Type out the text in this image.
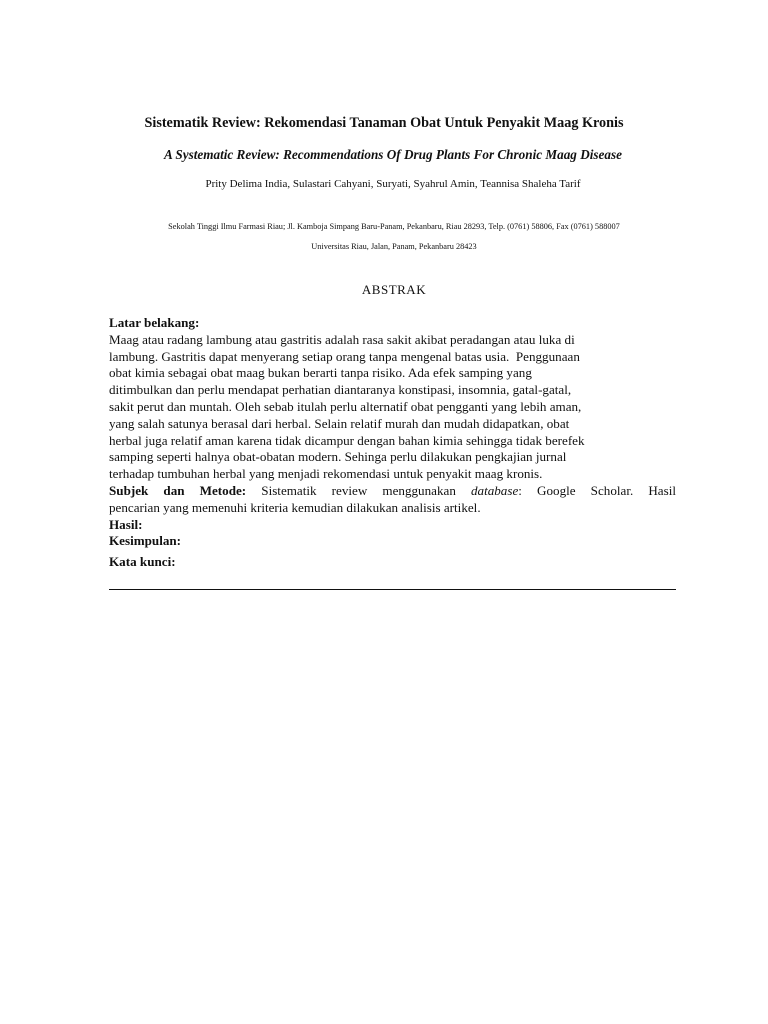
Sistematik Review: Rekomendasi Tanaman Obat Untuk Penyakit Maag Kronis
A Systematic Review: Recommendations Of Drug Plants For Chronic Maag Disease
Prity Delima India, Sulastari Cahyani, Suryati, Syahrul Amin, Teannisa Shaleha Tarif
Sekolah Tinggi Ilmu Farmasi Riau; Jl. Kamboja Simpang Baru-Panam, Pekanbaru, Riau 28293, Telp. (0761) 58806, Fax (0761) 588007
Universitas Riau, Jalan, Panam, Pekanbaru 28423
ABSTRAK
Latar belakang:
Maag atau radang lambung atau gastritis adalah rasa sakit akibat peradangan atau luka di
lambung. Gastritis dapat menyerang setiap orang tanpa mengenal batas usia.  Penggunaan
obat kimia sebagai obat maag bukan berarti tanpa risiko. Ada efek samping yang
ditimbulkan dan perlu mendapat perhatian diantaranya konstipasi, insomnia, gatal-gatal,
sakit perut dan muntah. Oleh sebab itulah perlu alternatif obat pengganti yang lebih aman,
yang salah satunya berasal dari herbal. Selain relatif murah dan mudah didapatkan, obat
herbal juga relatif aman karena tidak dicampur dengan bahan kimia sehingga tidak berefek
samping seperti halnya obat-obatan modern. Sehinga perlu dilakukan pengkajian jurnal
terhadap tumbuhan herbal yang menjadi rekomendasi untuk penyakit maag kronis.
Subjek dan Metode: Sistematik review menggunakan database: Google Scholar. Hasil
pencarian yang memenuhi kriteria kemudian dilakukan analisis artikel.
Hasil:
Kesimpulan:
Kata kunci:
